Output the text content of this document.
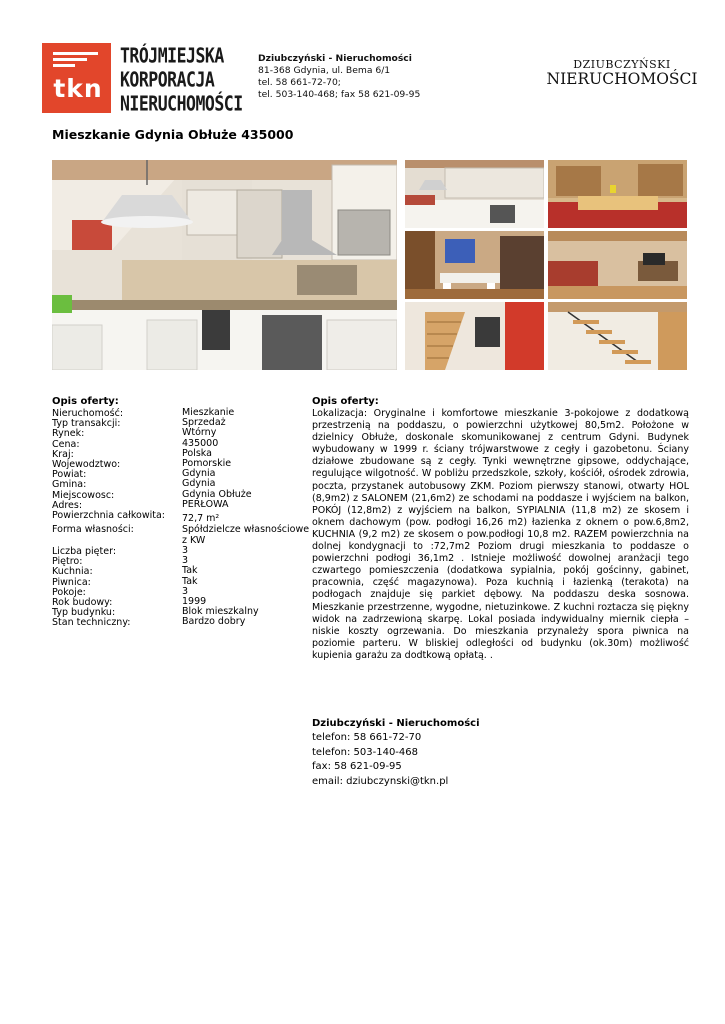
tkn
TRÓJMIEJSKA
KORPORACJA
NIERUCHOMOŚCI
Dziubczyński - Nieruchomości
81-368 Gdynia, ul. Bema 6/1
tel. 58 661-72-70;
tel. 503-140-468; fax 58 621-09-95
DZIUBCZYŃSKI
NIERUCHOMOŚCI
Mieszkanie Gdynia Obłuże 435000
Opis oferty:
Nieruchomość:	Mieszkanie
Typ transakcji:	Sprzedaż
Rynek:	Wtórny
Cena:	435000
Kraj:	Polska
Wojewodztwo:	Pomorskie
Powiat:	Gdynia
Gmina:	Gdynia
Miejscowosc:	Gdynia Obłuże
Adres:	PERŁOWA
Powierzchnia całkowita: 72,7 m²
Forma własności:	Spółdzielcze własnościowe z KW
Liczba pięter:	3
Piętro:	3
Kuchnia:	Tak
Piwnica:	Tak
Pokoje:	3
Rok budowy:	1999
Typ budynku:	Blok mieszkalny
Stan techniczny:	Bardzo dobry
Opis oferty:
Lokalizacja: Oryginalne i komfortowe mieszkanie 3-pokojowe z dodatkową przestrzenią na poddaszu, o powierzchni użytkowej 80,5m2. Położone w dzielnicy Obłuże, doskonale skomunikowanej z centrum Gdyni. Budynek wybudowany w 1999 r. ściany trójwarstwowe z cegły i gazobetonu. Ściany działowe zbudowane są z cegły. Tynki wewnętrzne gipsowe, oddychające, regulujące wilgotność. W pobliżu przedszkole, szkoły, kościół, ośrodek zdrowia, poczta, przystanek autobusowy ZKM. Poziom pierwszy stanowi, otwarty HOL (8,9m2) z SALONEM (21,6m2) ze schodami na poddasze i wyjściem na balkon, POKÓJ (12,8m2) z wyjściem na balkon, SYPIALNIA (11,8 m2) ze skosem i oknem dachowym (pow. podłogi 16,26 m2) łazienka z oknem o pow.6,8m2, KUCHNIA (9,2 m2) ze skosem o pow.podłogi 10,8 m2. RAZEM powierzchnia na dolnej kondygnacji to :72,7m2 Poziom drugi mieszkania to poddasze o powierzchni podłogi 36,1m2 . Istnieje możliwość dowolnej aranżacji tego czwartego pomieszczenia (dodatkowa sypialnia, pokój gościnny, gabinet, pracownia, część magazynowa). Poza kuchnią i łazienką (terakota) na podłogach znajduje się parkiet dębowy. Na poddaszu deska sosnowa. Mieszkanie przestrzenne, wygodne, nietuzinkowe. Z kuchni roztacza się piękny widok na zadrzewioną skarpę. Lokal posiada indywidualny miernik ciepła – niskie koszty ogrzewania. Do mieszkania przynależy spora piwnica na poziomie parteru. W bliskiej odległości od budynku (ok.30m) możliwość kupienia garażu za dodtkową opłatą. .
Dziubczyński - Nieruchomości
telefon: 58 661-72-70
telefon: 503-140-468
fax: 58 621-09-95
email: dziubczynski@tkn.pl
